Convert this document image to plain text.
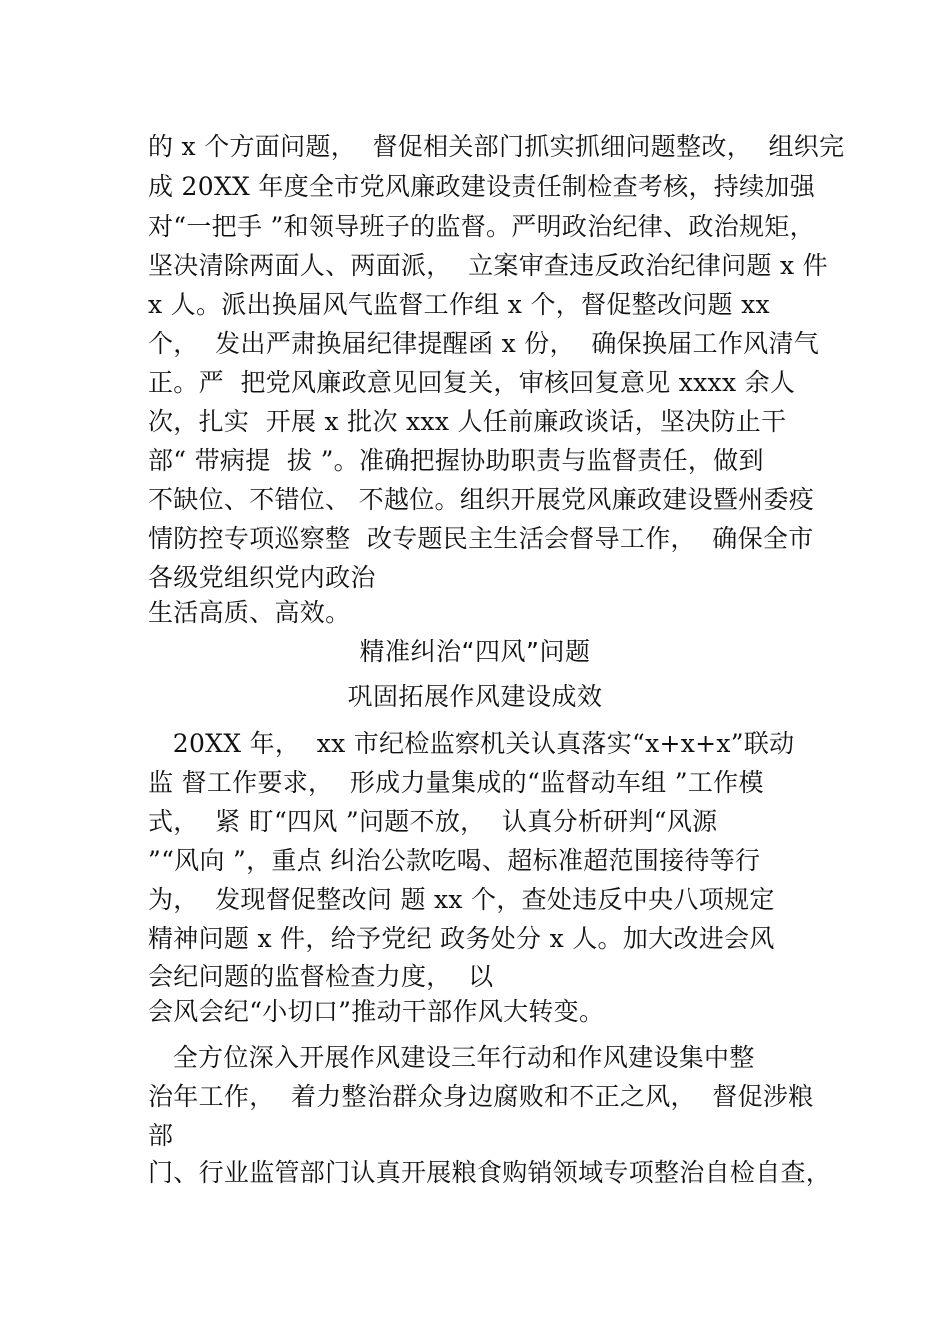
的 x 个方面问题，  督促相关部门抓实抓细问题整改，  组织完
成 20XX 年度全市党风廉政建设责任制检查考核，持续加强
对“一把手 ”和领导班子的监督。严明政治纪律、政治规矩，
坚决清除两面人、两面派，  立案审查违反政治纪律问题 x 件
x 人。派出换届风气监督工作组 x 个，督促整改问题 xx
个，  发出严肃换届纪律提醒函 x 份，  确保换届工作风清气
正。严  把党风廉政意见回复关，审核回复意见 xxxx 余人
次，扎实  开展 x 批次 xxx 人任前廉政谈话，坚决防止干
部“ 带病提  拔 ”。准确把握协助职责与监督责任，做到
不缺位、不错位、 不越位。组织开展党风廉政建设暨州委疫
情防控专项巡察整  改专题民主生活会督导工作，  确保全市
各级党组织党内政治
生活高质、高效。
精准纠治“四风”问题
巩固拓展作风建设成效
20XX 年，  xx 市纪检监察机关认真落实“x+x+x”联动
监 督工作要求，  形成力量集成的“监督动车组 ”工作模
式，  紧 盯“四风 ”问题不放，  认真分析研判“风源
”“风向 ”，重点 纠治公款吃喝、超标准超范围接待等行
为，  发现督促整改问 题 xx 个，查处违反中央八项规定
精神问题 x 件，给予党纪 政务处分 x 人。加大改进会风
会纪问题的监督检查力度，  以
会风会纪“小切口”推动干部作风大转变。
全方位深入开展作风建设三年行动和作风建设集中整
治年工作，  着力整治群众身边腐败和不正之风，  督促涉粮
部
门、行业监管部门认真开展粮食购销领域专项整治自检自查，
